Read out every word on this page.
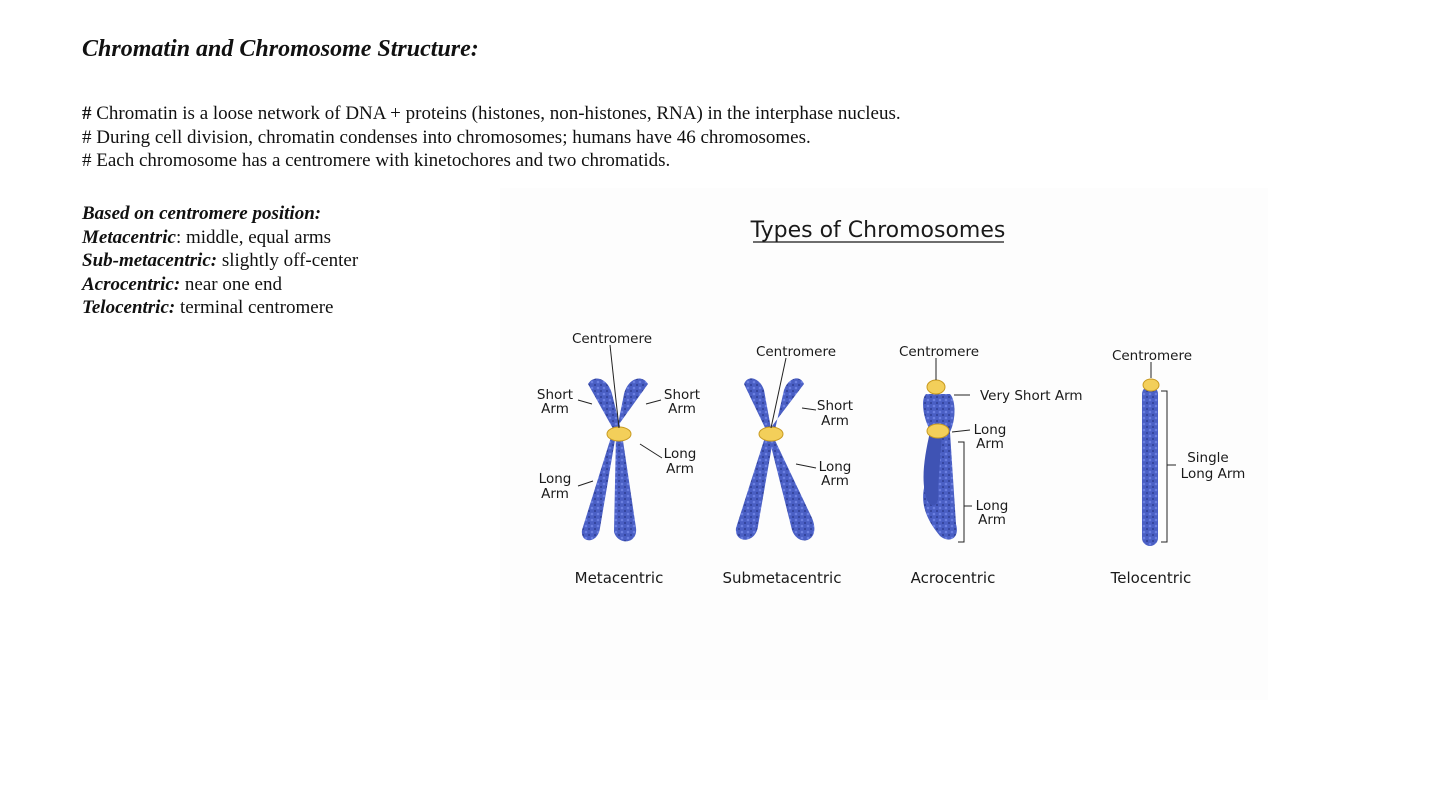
Chromatin and Chromosome Structure:
# Chromatin is a loose network of DNA + proteins (histones, non-histones, RNA) in the interphase nucleus.
# During cell division, chromatin condenses into chromosomes; humans have 46 chromosomes.
# Each chromosome has a centromere with kinetochores and two chromatids.
Based on centromere position:
Metacentric: middle, equal arms
Sub-metacentric: slightly off-center
Acrocentric: near one end
Telocentric: terminal centromere
Types of Chromosomes
Centromere
Short
Arm
Short
Arm
Long
Arm
Long
Arm
Metacentric
Centromere
Short
Arm
Long
Arm
Submetacentric
Centromere
Very Short Arm
Long
Arm
Long
Arm
Acrocentric
Centromere
Single
Long Arm
Telocentric
